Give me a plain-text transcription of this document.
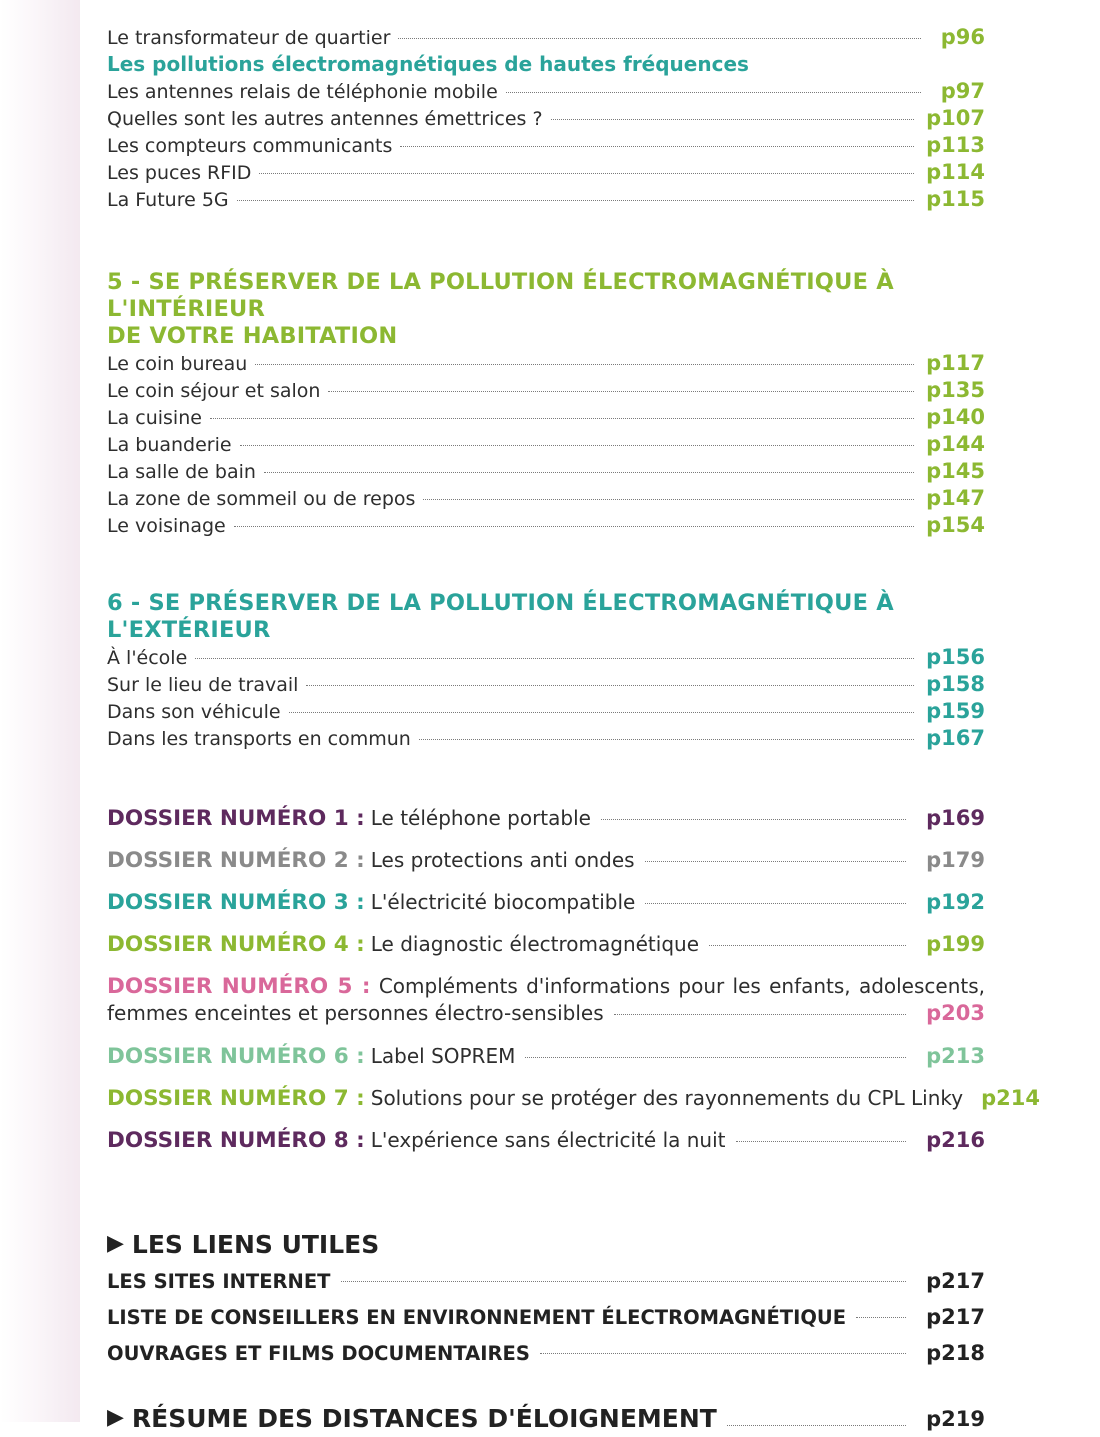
Le transformateur de quartier	p96
Les pollutions électromagnétiques de hautes fréquences
Les antennes relais de téléphonie mobile	p97
Quelles sont les autres antennes émettrices ?	p107
Les compteurs communicants	p113
Les puces RFID	p114
La Future 5G	p115
5 - SE PRÉSERVER DE LA POLLUTION ÉLECTROMAGNÉTIQUE À L'INTÉRIEUR
DE VOTRE HABITATION
Le coin bureau	p117
Le coin séjour et salon	p135
La cuisine	p140
La buanderie	p144
La salle de bain	p145
La zone de sommeil ou de repos	p147
Le voisinage	p154
6 - SE PRÉSERVER DE LA POLLUTION ÉLECTROMAGNÉTIQUE À L'EXTÉRIEUR
À l'école	p156
Sur le lieu de travail	p158
Dans son véhicule	p159
Dans les transports en commun	p167
DOSSIER NUMÉRO 1 : Le téléphone portable	p169
DOSSIER NUMÉRO 2 : Les protections anti ondes	p179
DOSSIER NUMÉRO 3 : L'électricité biocompatible	p192
DOSSIER NUMÉRO 4 : Le diagnostic électromagnétique	p199
DOSSIER NUMÉRO 5 : Compléments d'informations pour les enfants, adolescents,
femmes enceintes et personnes électro-sensibles	p203
DOSSIER NUMÉRO 6 : Label SOPREM	p213
DOSSIER NUMÉRO 7 : Solutions pour se protéger des rayonnements du CPL Linky p214
DOSSIER NUMÉRO 8 : L'expérience sans électricité la nuit	p216
▶ LES LIENS UTILES
LES SITES INTERNET	p217
LISTE DE CONSEILLERS EN ENVIRONNEMENT ÉLECTROMAGNÉTIQUE	p217
OUVRAGES ET FILMS DOCUMENTAIRES	p218
▶ RÉSUME DES DISTANCES D'ÉLOIGNEMENT	p219
